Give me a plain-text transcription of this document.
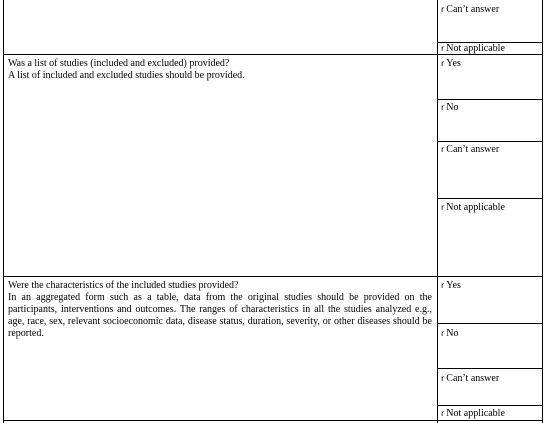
r Can’t answer
r Not applicable

Was a list of studies (included and excluded) provided?

A list of included and excluded studies should be provided.

r Yes
r No
r Can’t answer
r Not applicable

Were the characteristics of the included studies provided?

In an aggregated form such as a table, data from the original studies should be provided on the participants, interventions and outcomes. The ranges of characteristics in all the studies analyzed e.g., age, race, sex, relevant socioeconomic data, disease status, duration, severity, or other diseases should be reported.

r Yes
r No
r Can’t answer
r Not applicable
